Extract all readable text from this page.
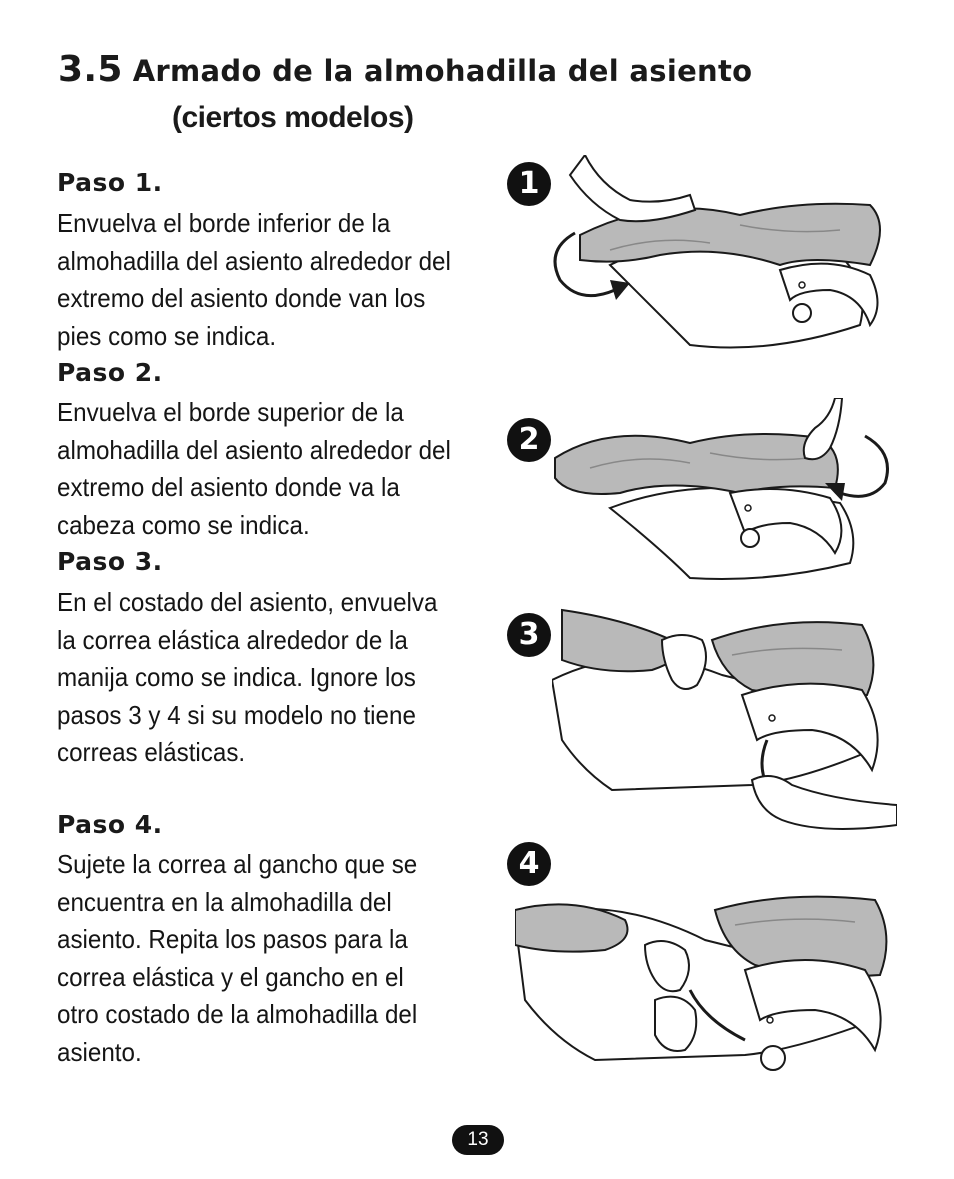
3.5 Armado de la almohadilla del asiento
(ciertos modelos)
Paso 1.

Envuelva el borde inferior de la almohadilla del asiento alrededor del extremo del asiento donde van los pies como se indica.

Paso 2.

Envuelva el borde superior de la almohadilla del asiento alrededor del extremo del asiento donde va la cabeza como se indica.

Paso 3.

En el costado del asiento, envuelva la correa elástica alrededor de la manija como se indica. Ignore los pasos 3 y 4 si su modelo no tiene correas elásticas.

Paso 4.

Sujete la correa al gancho que se encuentra en la almohadilla del asiento. Repita los pasos para la correa elástica y el gancho en el otro costado de la almohadilla del asiento.

1
2
3
4
13
